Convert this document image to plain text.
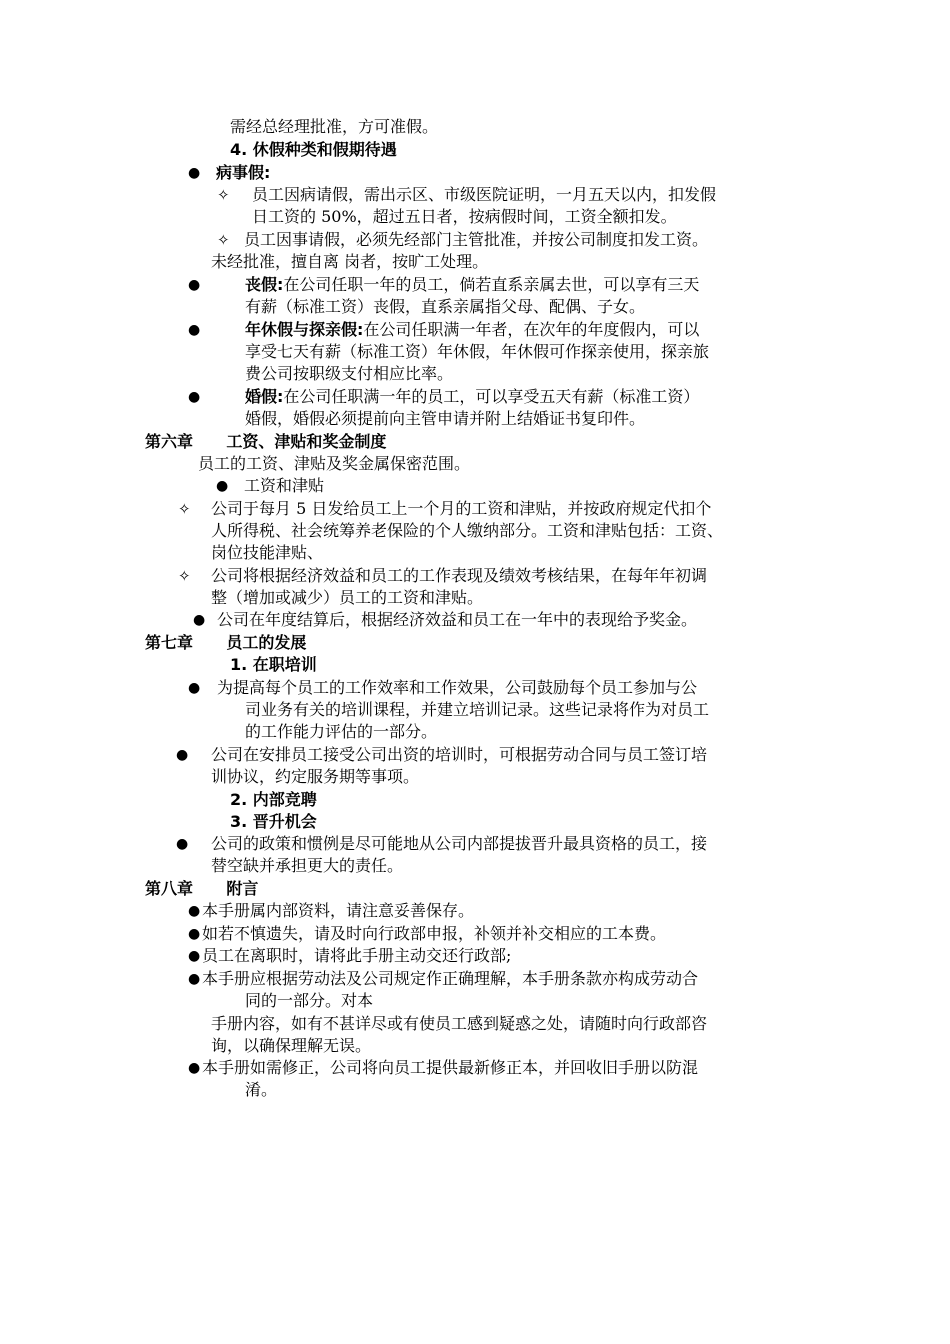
需经总经理批准，方可准假。
4. 休假种类和假期待遇
● 病事假:
✧ 员工因病请假，需出示区、市级医院证明，一月五天以内，扣发假
日工资的 50%，超过五日者，按病假时间，工资全额扣发。
✧ 员工因事请假，必须先经部门主管批准，并按公司制度扣发工资。
未经批准，擅自离 岗者，按旷工处理。
●	丧假:在公司任职一年的员工，倘若直系亲属去世，可以享有三天
有薪（标准工资）丧假，直系亲属指父母、配偶、子女。
●	年休假与探亲假:在公司任职满一年者，在次年的年度假内，可以
享受七天有薪（标准工资）年休假，年休假可作探亲使用，探亲旅
费公司按职级支付相应比率。
●	婚假:在公司任职满一年的员工，可以享受五天有薪（标准工资）
婚假，婚假必须提前向主管申请并附上结婚证书复印件。
第六章      工资、津贴和奖金制度
员工的工资、津贴及奖金属保密范围。
● 工资和津贴
✧ 公司于每月 5 日发给员工上一个月的工资和津贴，并按政府规定代扣个
人所得税、社会统筹养老保险的个人缴纳部分。工资和津贴包括：工资、
岗位技能津贴、
✧ 公司将根据经济效益和员工的工作表现及绩效考核结果，在每年年初调
整（增加或减少）员工的工资和津贴。
● 公司在年度结算后，根据经济效益和员工在一年中的表现给予奖金。
第七章      员工的发展
1. 在职培训
● 为提高每个员工的工作效率和工作效果，公司鼓励每个员工参加与公
司业务有关的培训课程，并建立培训记录。这些记录将作为对员工
的工作能力评估的一部分。
● 公司在安排员工接受公司出资的培训时，可根据劳动合同与员工签订培
训协议，约定服务期等事项。
2. 内部竞聘
3. 晋升机会
● 公司的政策和惯例是尽可能地从公司内部提拔晋升最具资格的员工，接
替空缺并承担更大的责任。
第八章      附言
● 本手册属内部资料，请注意妥善保存。
● 如若不慎遗失，请及时向行政部申报，补领并补交相应的工本费。
● 员工在离职时，请将此手册主动交还行政部;
● 本手册应根据劳动法及公司规定作正确理解，本手册条款亦构成劳动合
同的一部分。对本
手册内容，如有不甚详尽或有使员工感到疑惑之处，请随时向行政部咨
询，以确保理解无误。
● 本手册如需修正，公司将向员工提供最新修正本，并回收旧手册以防混
淆。
